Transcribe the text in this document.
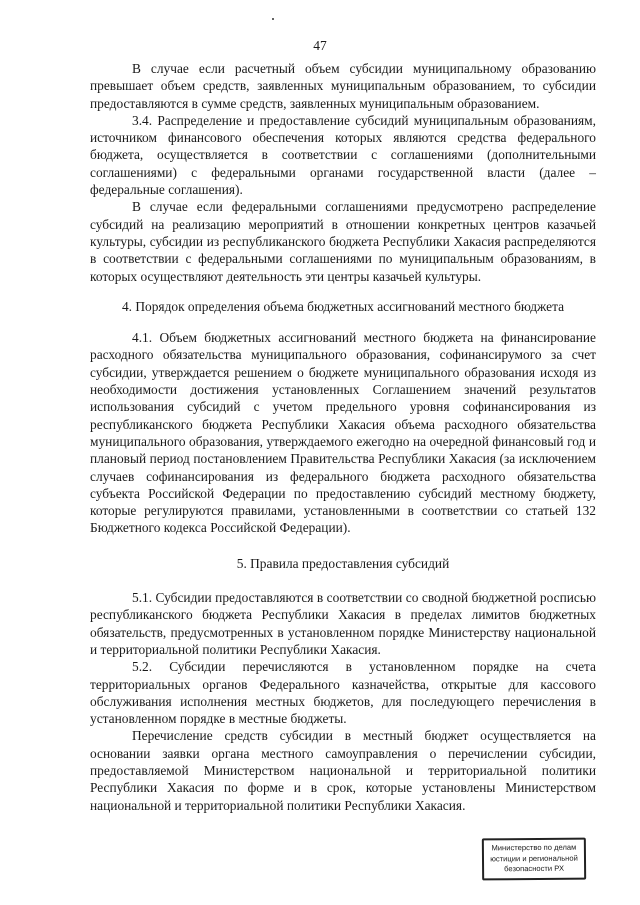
47

В случае если расчетный объем субсидии муниципальному образованию превышает объем средств, заявленных муниципальным образованием, то субсидии предоставляются в сумме средств, заявленных муниципальным образованием.

3.4. Распределение и предоставление субсидий муниципальным образованиям, источником финансового обеспечения которых являются средства федерального бюджета, осуществляется в соответствии с соглашениями (дополнительными соглашениями) с федеральными органами государственной власти (далее – федеральные соглашения).

В случае если федеральными соглашениями предусмотрено распределение субсидий на реализацию мероприятий в отношении конкретных центров казачьей культуры, субсидии из республиканского бюджета Республики Хакасия распределяются в соответствии с федеральными соглашениями по муниципальным образованиям, в которых осуществляют деятельность эти центры казачьей культуры.

4. Порядок определения объема бюджетных ассигнований местного бюджета

4.1. Объем бюджетных ассигнований местного бюджета на финансирование расходного обязательства муниципального образования, софинансирумого за счет субсидии, утверждается решением о бюджете муниципального образования исходя из необходимости достижения установленных Соглашением значений результатов использования субсидий с учетом предельного уровня софинансирования из республиканского бюджета Республики Хакасия объема расходного обязательства муниципального образования, утверждаемого ежегодно на очередной финансовый год и плановый период постановлением Правительства Республики Хакасия (за исключением случаев софинансирования из федерального бюджета расходного обязательства субъекта Российской Федерации по предоставлению субсидий местному бюджету, которые регулируются правилами, установленными в соответствии со статьей 132 Бюджетного кодекса Российской Федерации).

5. Правила предоставления субсидий

5.1. Субсидии предоставляются в соответствии со сводной бюджетной росписью республиканского бюджета Республики Хакасия в пределах лимитов бюджетных обязательств, предусмотренных в установленном порядке Министерству национальной и территориальной политики Республики Хакасия.

5.2. Субсидии перечисляются в установленном порядке на счета территориальных органов Федерального казначейства, открытые для кассового обслуживания исполнения местных бюджетов, для последующего перечисления в установленном порядке в местные бюджеты.

Перечисление средств субсидии в местный бюджет осуществляется на основании заявки органа местного самоуправления о перечислении субсидии, предоставляемой Министерством национальной и территориальной политики Республики Хакасия по форме и в срок, которые установлены Министерством национальной и территориальной политики Республики Хакасия.

Министерство по делам
юстиции и региональной
безопасности РХ
